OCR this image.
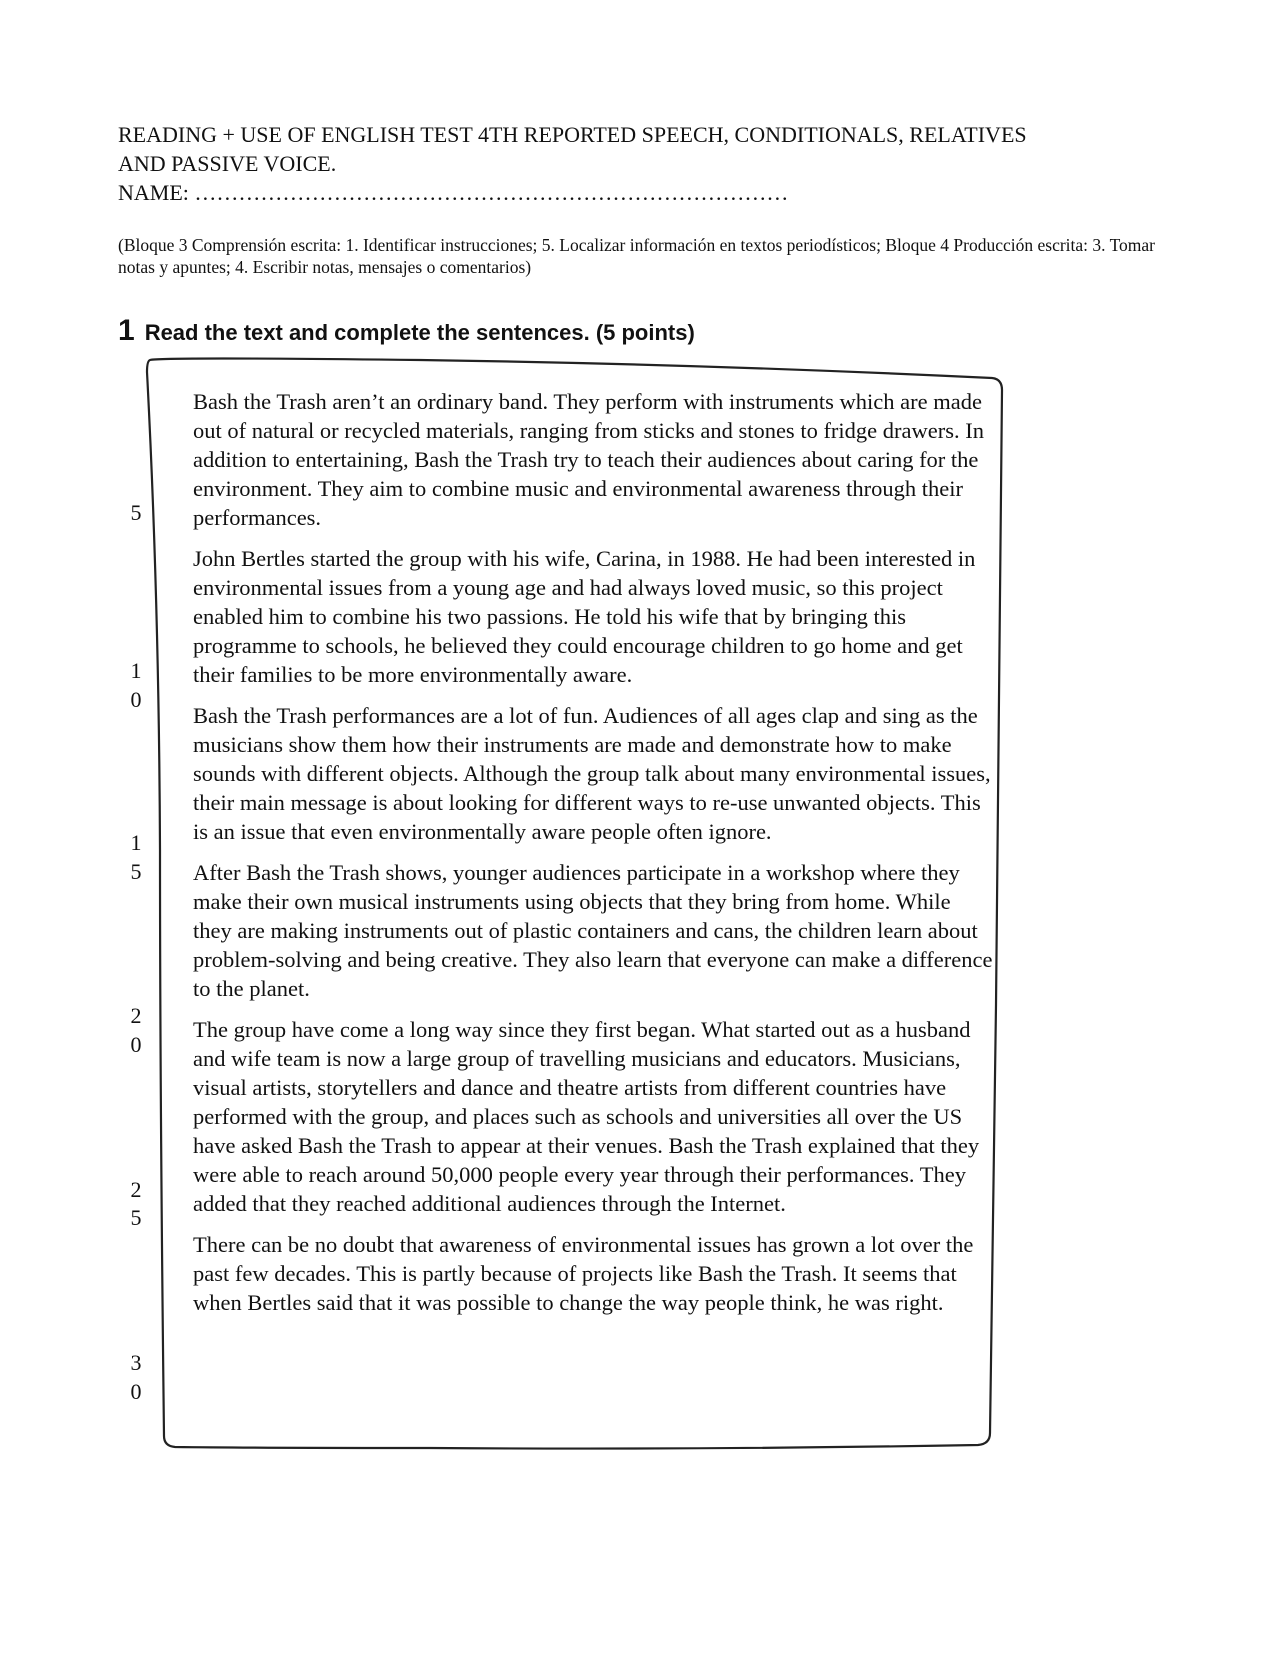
READING + USE OF ENGLISH TEST 4TH REPORTED SPEECH, CONDITIONALS, RELATIVES
AND PASSIVE VOICE.
NAME: ………………………………………………………………………
(Bloque 3 Comprensión escrita: 1. Identificar instrucciones; 5. Localizar información en textos periodísticos; Bloque 4 Producción escrita: 3. Tomar notas y apuntes; 4. Escribir notas, mensajes o comentarios)
1 Read the text and complete the sentences. (5 points)
5
1
0
1
5
2
0
2
5
3
0

Bash the Trash aren’t an ordinary band. They perform with instruments which are made out of natural or recycled materials, ranging from sticks and stones to fridge drawers. In addition to entertaining, Bash the Trash try to teach their audiences about caring for the environment. They aim to combine music and environmental awareness through their performances.

John Bertles started the group with his wife, Carina, in 1988. He had been interested in environmental issues from a young age and had always loved music, so this project enabled him to combine his two passions. He told his wife that by bringing this programme to schools, he believed they could encourage children to go home and get their families to be more environmentally aware.

Bash the Trash performances are a lot of fun. Audiences of all ages clap and sing as the musicians show them how their instruments are made and demonstrate how to make sounds with different objects. Although the group talk about many environmental issues, their main message is about looking for different ways to re-use unwanted objects. This is an issue that even environmentally aware people often ignore.

After Bash the Trash shows, younger audiences participate in a workshop where they make their own musical instruments using objects that they bring from home. While they are making instruments out of plastic containers and cans, the children learn about problem-solving and being creative. They also learn that everyone can make a difference to the planet.

The group have come a long way since they first began. What started out as a husband and wife team is now a large group of travelling musicians and educators. Musicians, visual artists, storytellers and dance and theatre artists from different countries have performed with the group, and places such as schools and universities all over the US have asked Bash the Trash to appear at their venues. Bash the Trash explained that they were able to reach around 50,000 people every year through their performances. They added that they reached additional audiences through the Internet.

There can be no doubt that awareness of environmental issues has grown a lot over the past few decades. This is partly because of projects like Bash the Trash. It seems that when Bertles said that it was possible to change the way people think, he was right.
